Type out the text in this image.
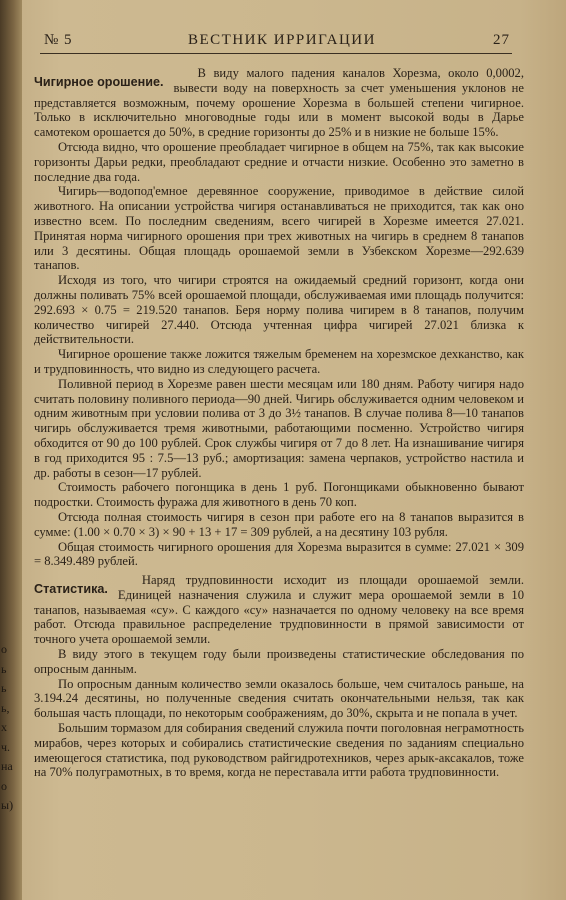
о
ь
ь
ь,
х
ч.
на
о
ы)
№ 5	ВЕСТНИК ИРРИГАЦИИ	27
Чигирное орошение.

В виду малого падения каналов Хорезма, около 0,0002, вывести воду на поверхность за счет уменьшения уклонов не представляется возможным, почему орошение Хорезма в большей степени чигирное. Только в исключительно многоводные годы или в момент высокой воды в Дарье самотеком орошается до 50%, в средние горизонты до 25% и в низкие не больше 15%.

Отсюда видно, что орошение преобладает чигирное в общем на 75%, так как высокие горизонты Дарьи редки, преобладают средние и отчасти низкие. Особенно это заметно в последние два года.

Чигирь—водопод'емное деревянное сооружение, приводимое в действие силой животного. На описании устройства чигиря останавливаться не приходится, так как оно известно всем. По последним сведениям, всего чигирей в Хорезме имеется 27.021. Принятая норма чигирного орошения при трех животных на чигирь в среднем 8 танапов или 3 десятины. Общая площадь орошаемой земли в Узбекском Хорезме—292.639 танапов.

Исходя из того, что чигири строятся на ожидаемый средний горизонт, когда они должны поливать 75% всей орошаемой площади, обслуживаемая ими площадь получится: 292.693 × 0.75 = 219.520 танапов. Беря норму полива чигирем в 8 танапов, получим количество чигирей 27.440. Отсюда учтенная цифра чигирей 27.021 близка к действительности.

Чигирное орошение также ложится тяжелым бременем на хорезмское дехканство, как и трудповинность, что видно из следующего расчета.

Поливной период в Хорезме равен шести месяцам или 180 дням. Работу чигиря надо считать половину поливного периода—90 дней. Чигирь обслуживается одним человеком и одним животным при условии полива от 3 до 3½ танапов. В случае полива 8—10 танапов чигирь обслуживается тремя животными, работающими посменно. Устройство чигиря обходится от 90 до 100 рублей. Срок службы чигиря от 7 до 8 лет. На изнашивание чигиря в год приходится 95 : 7.5—13 руб.; амортизация: замена черпаков, устройство настила и др. работы в сезон—17 рублей.

Стоимость рабочего погонщика в день 1 руб. Погонщиками обыкновенно бывают подростки. Стоимость фуража для животного в день 70 коп.

Отсюда полная стоимость чигиря в сезон при работе его на 8 танапов выразится в сумме: (1.00 × 0.70 × 3) × 90 + 13 + 17 = 309 рублей, а на десятину 103 рубля.

Общая стоимость чигирного орошения для Хорезма выразится в сумме: 27.021 × 309 = 8.349.489 рублей.

Статистика.

Наряд трудповинности исходит из площади орошаемой земли. Единицей назначения служила и служит мера орошаемой земли в 10 танапов, называемая «су». С каждого «су» назначается по одному человеку на все время работ. Отсюда правильное распределение трудповинности в прямой зависимости от точного учета орошаемой земли.

В виду этого в текущем году были произведены статистические обследования по опросным данным.

По опросным данным количество земли оказалось больше, чем считалось раньше, на 3.194.24 десятины, но полученные сведения считать окончательными нельзя, так как большая часть площади, по некоторым соображениям, до 30%, скрыта и не попала в учет.

Большим тормазом для собирания сведений служила почти поголовная неграмотность мирабов, через которых и собирались статистические сведения по заданиям специально имеющегося статистика, под руководством райгидротехников, через арык-аксакалов, тоже на 70% полуграмотных, в то время, когда не переставала итти работа трудповинности.
